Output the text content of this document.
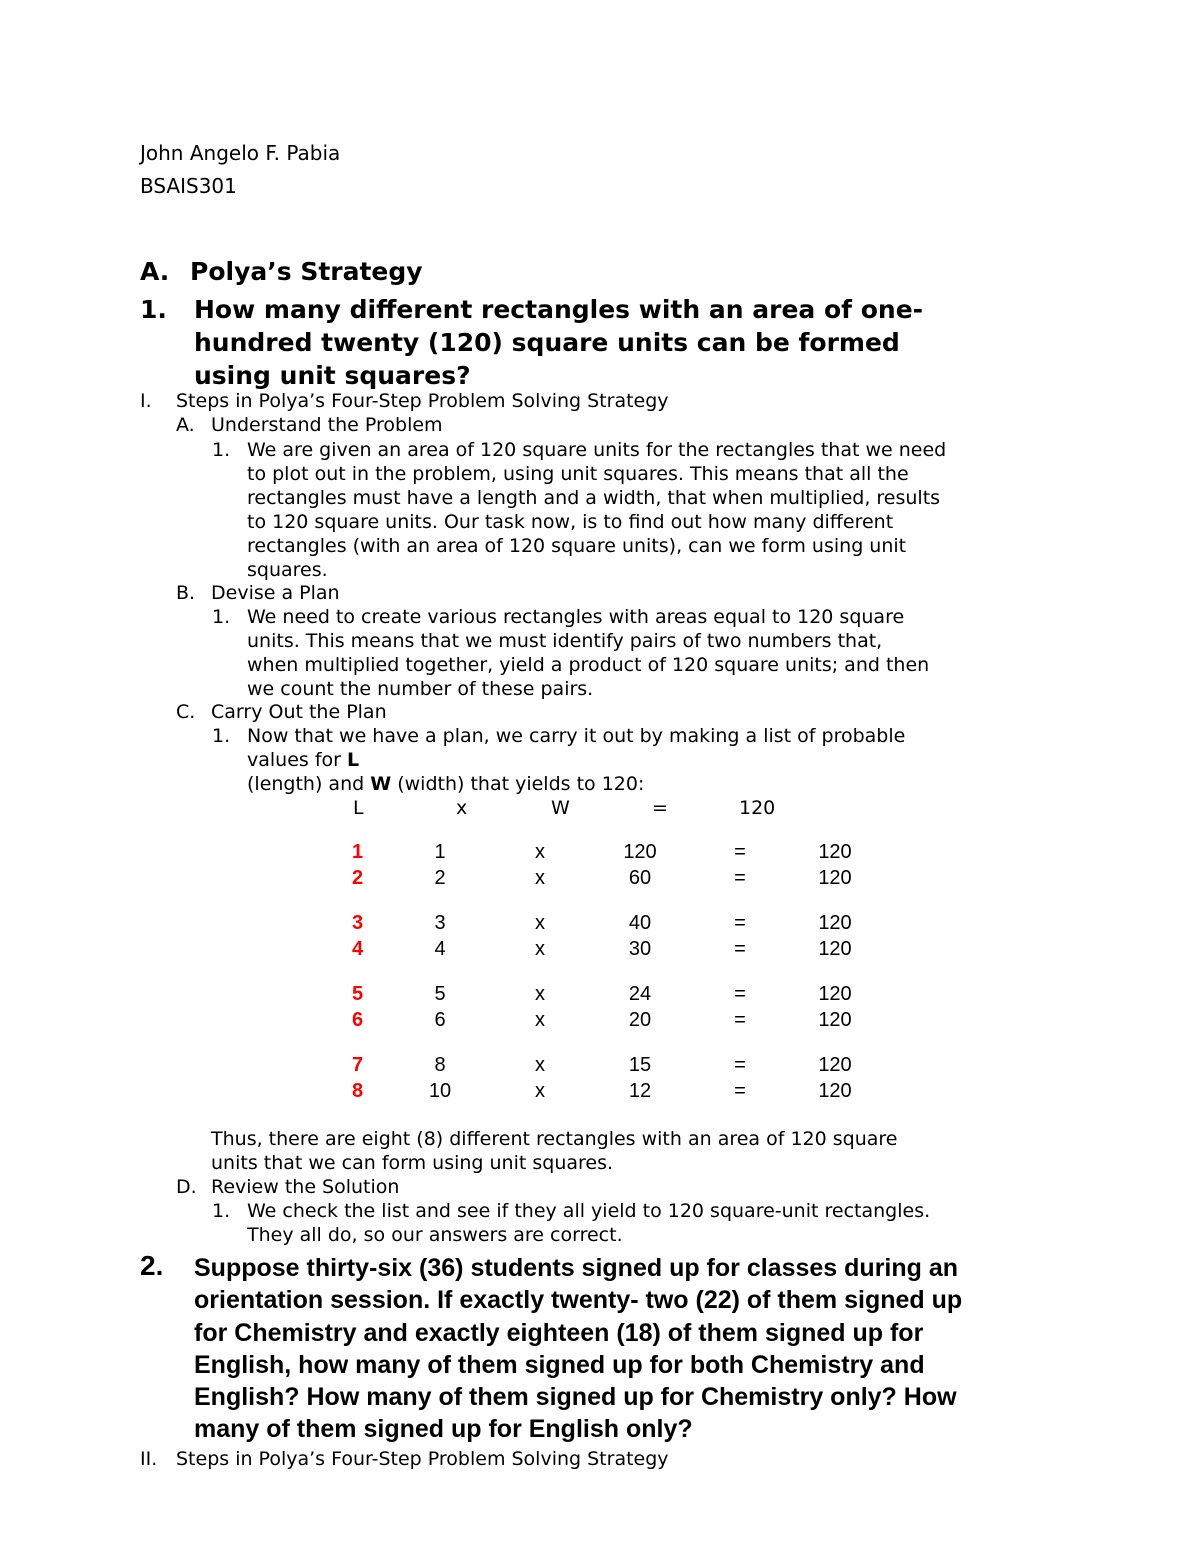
John Angelo F. Pabia
BSAIS301
A. Polya’s Strategy
1. How many different rectangles with an area of one-
hundred twenty (120) square units can be formed
using unit squares?
I. Steps in Polya’s Four-Step Problem Solving Strategy
A. Understand the Problem
1. We are given an area of 120 square units for the rectangles that we need
to plot out in the problem, using unit squares. This means that all the
rectangles must have a length and a width, that when multiplied, results
to 120 square units. Our task now, is to find out how many different
rectangles (with an area of 120 square units), can we form using unit
squares.
B. Devise a Plan
1. We need to create various rectangles with areas equal to 120 square
units. This means that we must identify pairs of two numbers that,
when multiplied together, yield a product of 120 square units; and then
we count the number of these pairs.
C. Carry Out the Plan
1. Now that we have a plan, we carry it out by making a list of probable
values for L
(length) and W (width) that yields to 120:
L	x	W	=	120
1	1	x	120	=	120
2	2	x	60	=	120
3	3	x	40	=	120
4	4	x	30	=	120
5	5	x	24	=	120
6	6	x	20	=	120
7	8	x	15	=	120
8	10	x	12	=	120
Thus, there are eight (8) different rectangles with an area of 120 square
units that we can form using unit squares.
D. Review the Solution
1. We check the list and see if they all yield to 120 square-unit rectangles.
They all do, so our answers are correct.
2. Suppose thirty-six (36) students signed up for classes during an
orientation session. If exactly twenty- two (22) of them signed up
for Chemistry and exactly eighteen (18) of them signed up for
English, how many of them signed up for both Chemistry and
English? How many of them signed up for Chemistry only? How
many of them signed up for English only?
II. Steps in Polya’s Four-Step Problem Solving Strategy
